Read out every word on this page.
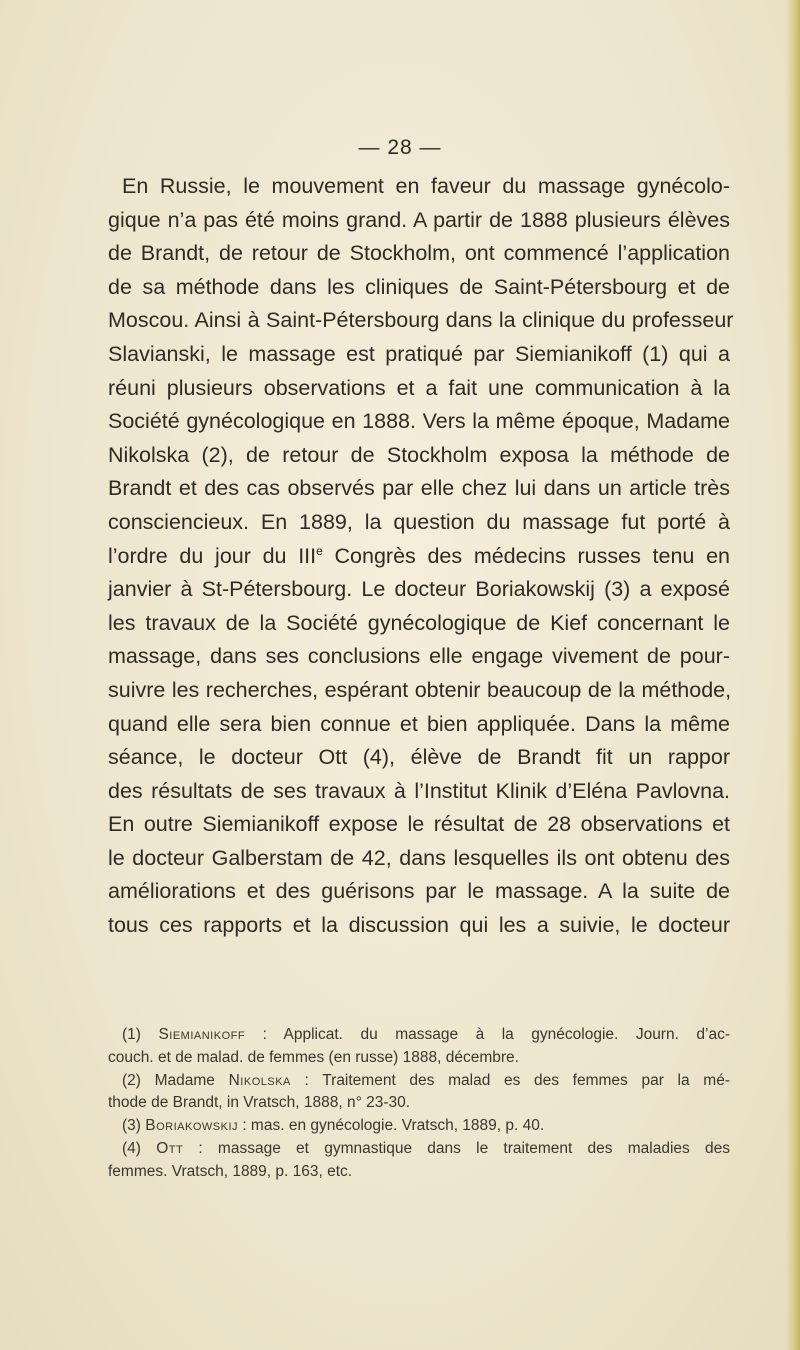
— 28 —
En Russie, le mouvement en faveur du massage gynécolo-
gique n’a pas été moins grand. A partir de 1888 plusieurs élèves
de Brandt, de retour de Stockholm, ont commencé l’application
de sa méthode dans les cliniques de Saint-Pétersbourg et de
Moscou. Ainsi à Saint-Pétersbourg dans la clinique du professeur
Slavianski, le massage est pratiqué par Siemianikoff (1) qui a
réuni plusieurs observations et a fait une communication à la
Société gynécologique en 1888. Vers la même époque, Madame
Nikolska (2), de retour de Stockholm exposa la méthode de
Brandt et des cas observés par elle chez lui dans un article très
consciencieux. En 1889, la question du massage fut porté à
l’ordre du jour du IIIe Congrès des médecins russes tenu en
janvier à St-Pétersbourg. Le docteur Boriakowskij (3) a exposé
les travaux de la Société gynécologique de Kief concernant le
massage, dans ses conclusions elle engage vivement de pour-
suivre les recherches, espérant obtenir beaucoup de la méthode,
quand elle sera bien connue et bien appliquée. Dans la même
séance, le docteur Ott (4), élève de Brandt fit un rappor
des résultats de ses travaux à l’Institut Klinik d’Eléna Pavlovna.
En outre Siemianikoff expose le résultat de 28 observations et
le docteur Galberstam de 42, dans lesquelles ils ont obtenu des
améliorations et des guérisons par le massage. A la suite de
tous ces rapports et la discussion qui les a suivie, le docteur
(1) Siemianikoff : Applicat. du massage à la gynécologie. Journ. d’ac-
couch. et de malad. de femmes (en russe) 1888, décembre.
(2) Madame Nikolska : Traitement des malad es des femmes par la mé-
thode de Brandt, in Vratsch, 1888, n° 23-30.
(3) Boriakowskij : mas. en gynécologie. Vratsch, 1889, p. 40.
(4) Ott : massage et gymnastique dans le traitement des maladies des
femmes. Vratsch, 1889, p. 163, etc.
